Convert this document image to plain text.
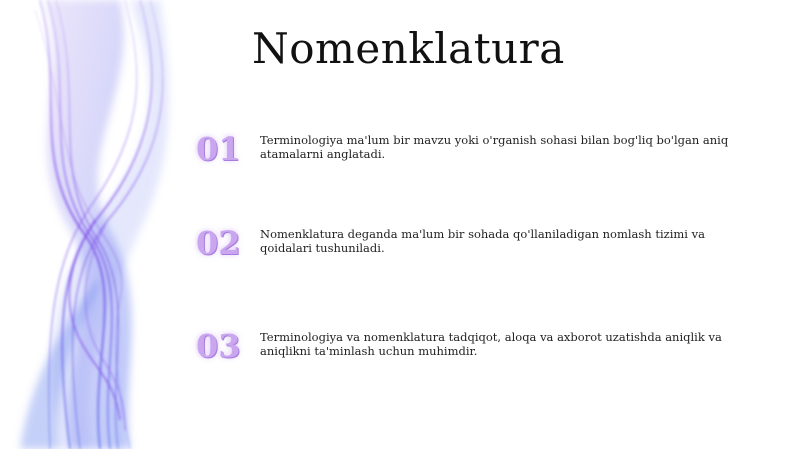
Nomenklatura
01	Terminologiya ma'lum bir mavzu yoki o'rganish sohasi bilan bog'liq bo'lgan aniq atamalarni anglatadi.
02	Nomenklatura deganda ma'lum bir sohada qo'llaniladigan nomlash tizimi va qoidalari tushuniladi.
03	Terminologiya va nomenklatura tadqiqot, aloqa va axborot uzatishda aniqlik va aniqlikni ta'minlash uchun muhimdir.
